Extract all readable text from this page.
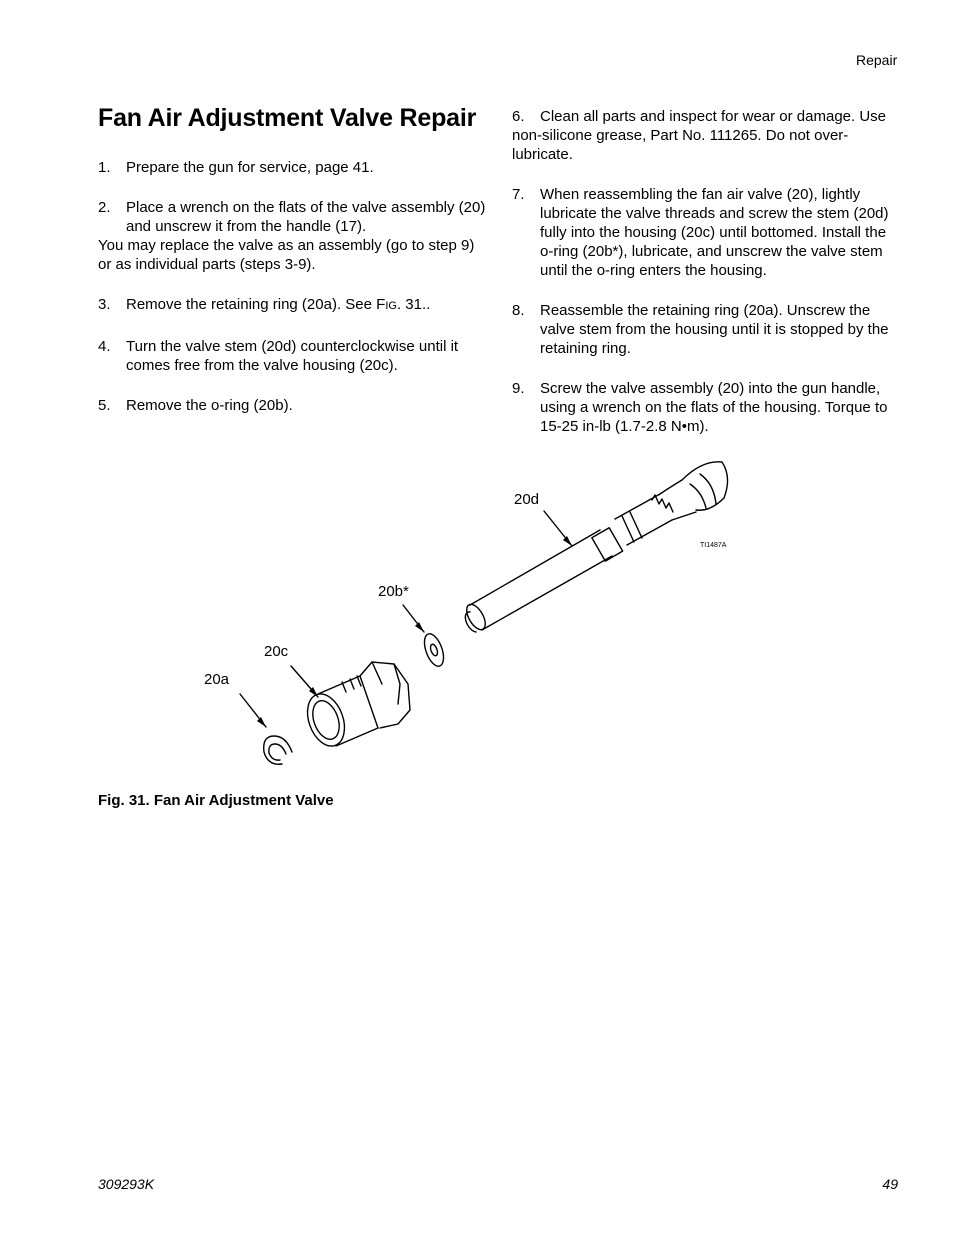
Repair
Fan Air Adjustment Valve Repair
1. Prepare the gun for service, page 41.
2. Place a wrench on the flats of the valve assembly (20) and unscrew it from the handle (17).
You may replace the valve as an assembly (go to step 9) or as individual parts (steps 3-9).
3. Remove the retaining ring (20a). See FIG. 31..
4. Turn the valve stem (20d) counterclockwise until it comes free from the valve housing (20c).
5. Remove the o-ring (20b).
6. Clean all parts and inspect for wear or damage. Use non-silicone grease, Part No. 111265. Do not over-lubricate.
7. When reassembling the fan air valve (20), lightly lubricate the valve threads and screw the stem (20d) fully into the housing (20c) until bottomed. Install the o-ring (20b*), lubricate, and unscrew the valve stem until the o-ring enters the housing.
8. Reassemble the retaining ring (20a). Unscrew the valve stem from the housing until it is stopped by the retaining ring.
9. Screw the valve assembly (20) into the gun handle, using a wrench on the flats of the housing. Torque to 15-25 in-lb (1.7-2.8 N•m).
20d
20b*
20c
20a
TI1487A
Fig. 31. Fan Air Adjustment Valve
309293K	49
